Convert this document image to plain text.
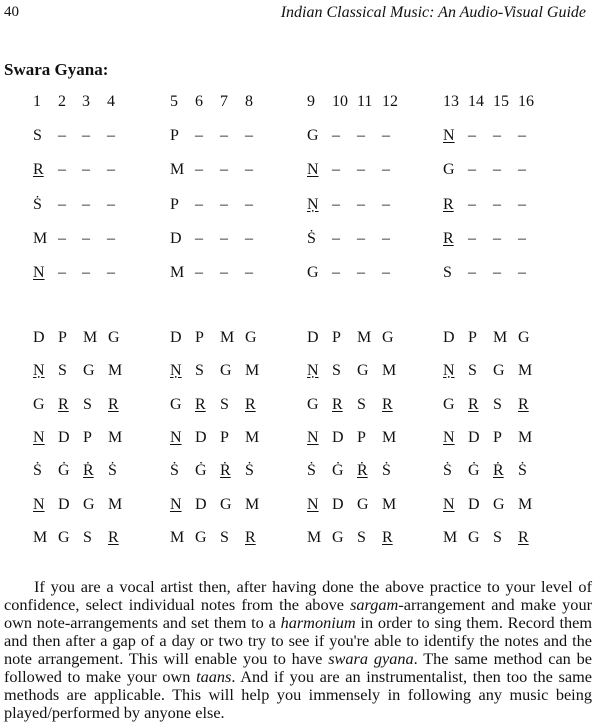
40	Indian Classical Music: An Audio-Visual Guide
Swara Gyana:
1 2 3 4	5 6 7 8	9 10 11 12	13 14 15 16
S – – –	P – – –	G – – –	N – – –
R – – –	M – – –	N – – –	G – – –
Ṡ – – –	P – – –	Ṇ – – –	R – – –
M – – –	D – – –	Ṡ – – –	R – – –
N – – –	M – – –	G – – –	S – – –
D P M G	D P M G	D P M G	D P M G
Ṇ S G M	Ṇ S G M	Ṇ S G M	Ṇ S G M
G R S R	G R S R	G R S R	G R S R
N D P M	N D P M	N D P M	N D P M
Ṡ Ġ Ṙ Ṡ	Ṡ Ġ Ṙ Ṡ	Ṡ Ġ Ṙ Ṡ	Ṡ Ġ Ṙ Ṡ
N D G M	N D G M	N D G M	N D G M
M G S R	M G S R	M G S R	M G S R

If you are a vocal artist then, after having done the above practice to your level of confidence, select individual notes from the above sargam-arrangement and make your own note-arrangements and set them to a harmonium in order to sing them. Record them and then after a gap of a day or two try to see if you're able to identify the notes and the note arrangement. This will enable you to have swara gyana. The same method can be followed to make your own taans. And if you are an instrumentalist, then too the same methods are applicable. This will help you immensely in following any music being played/performed by anyone else.
